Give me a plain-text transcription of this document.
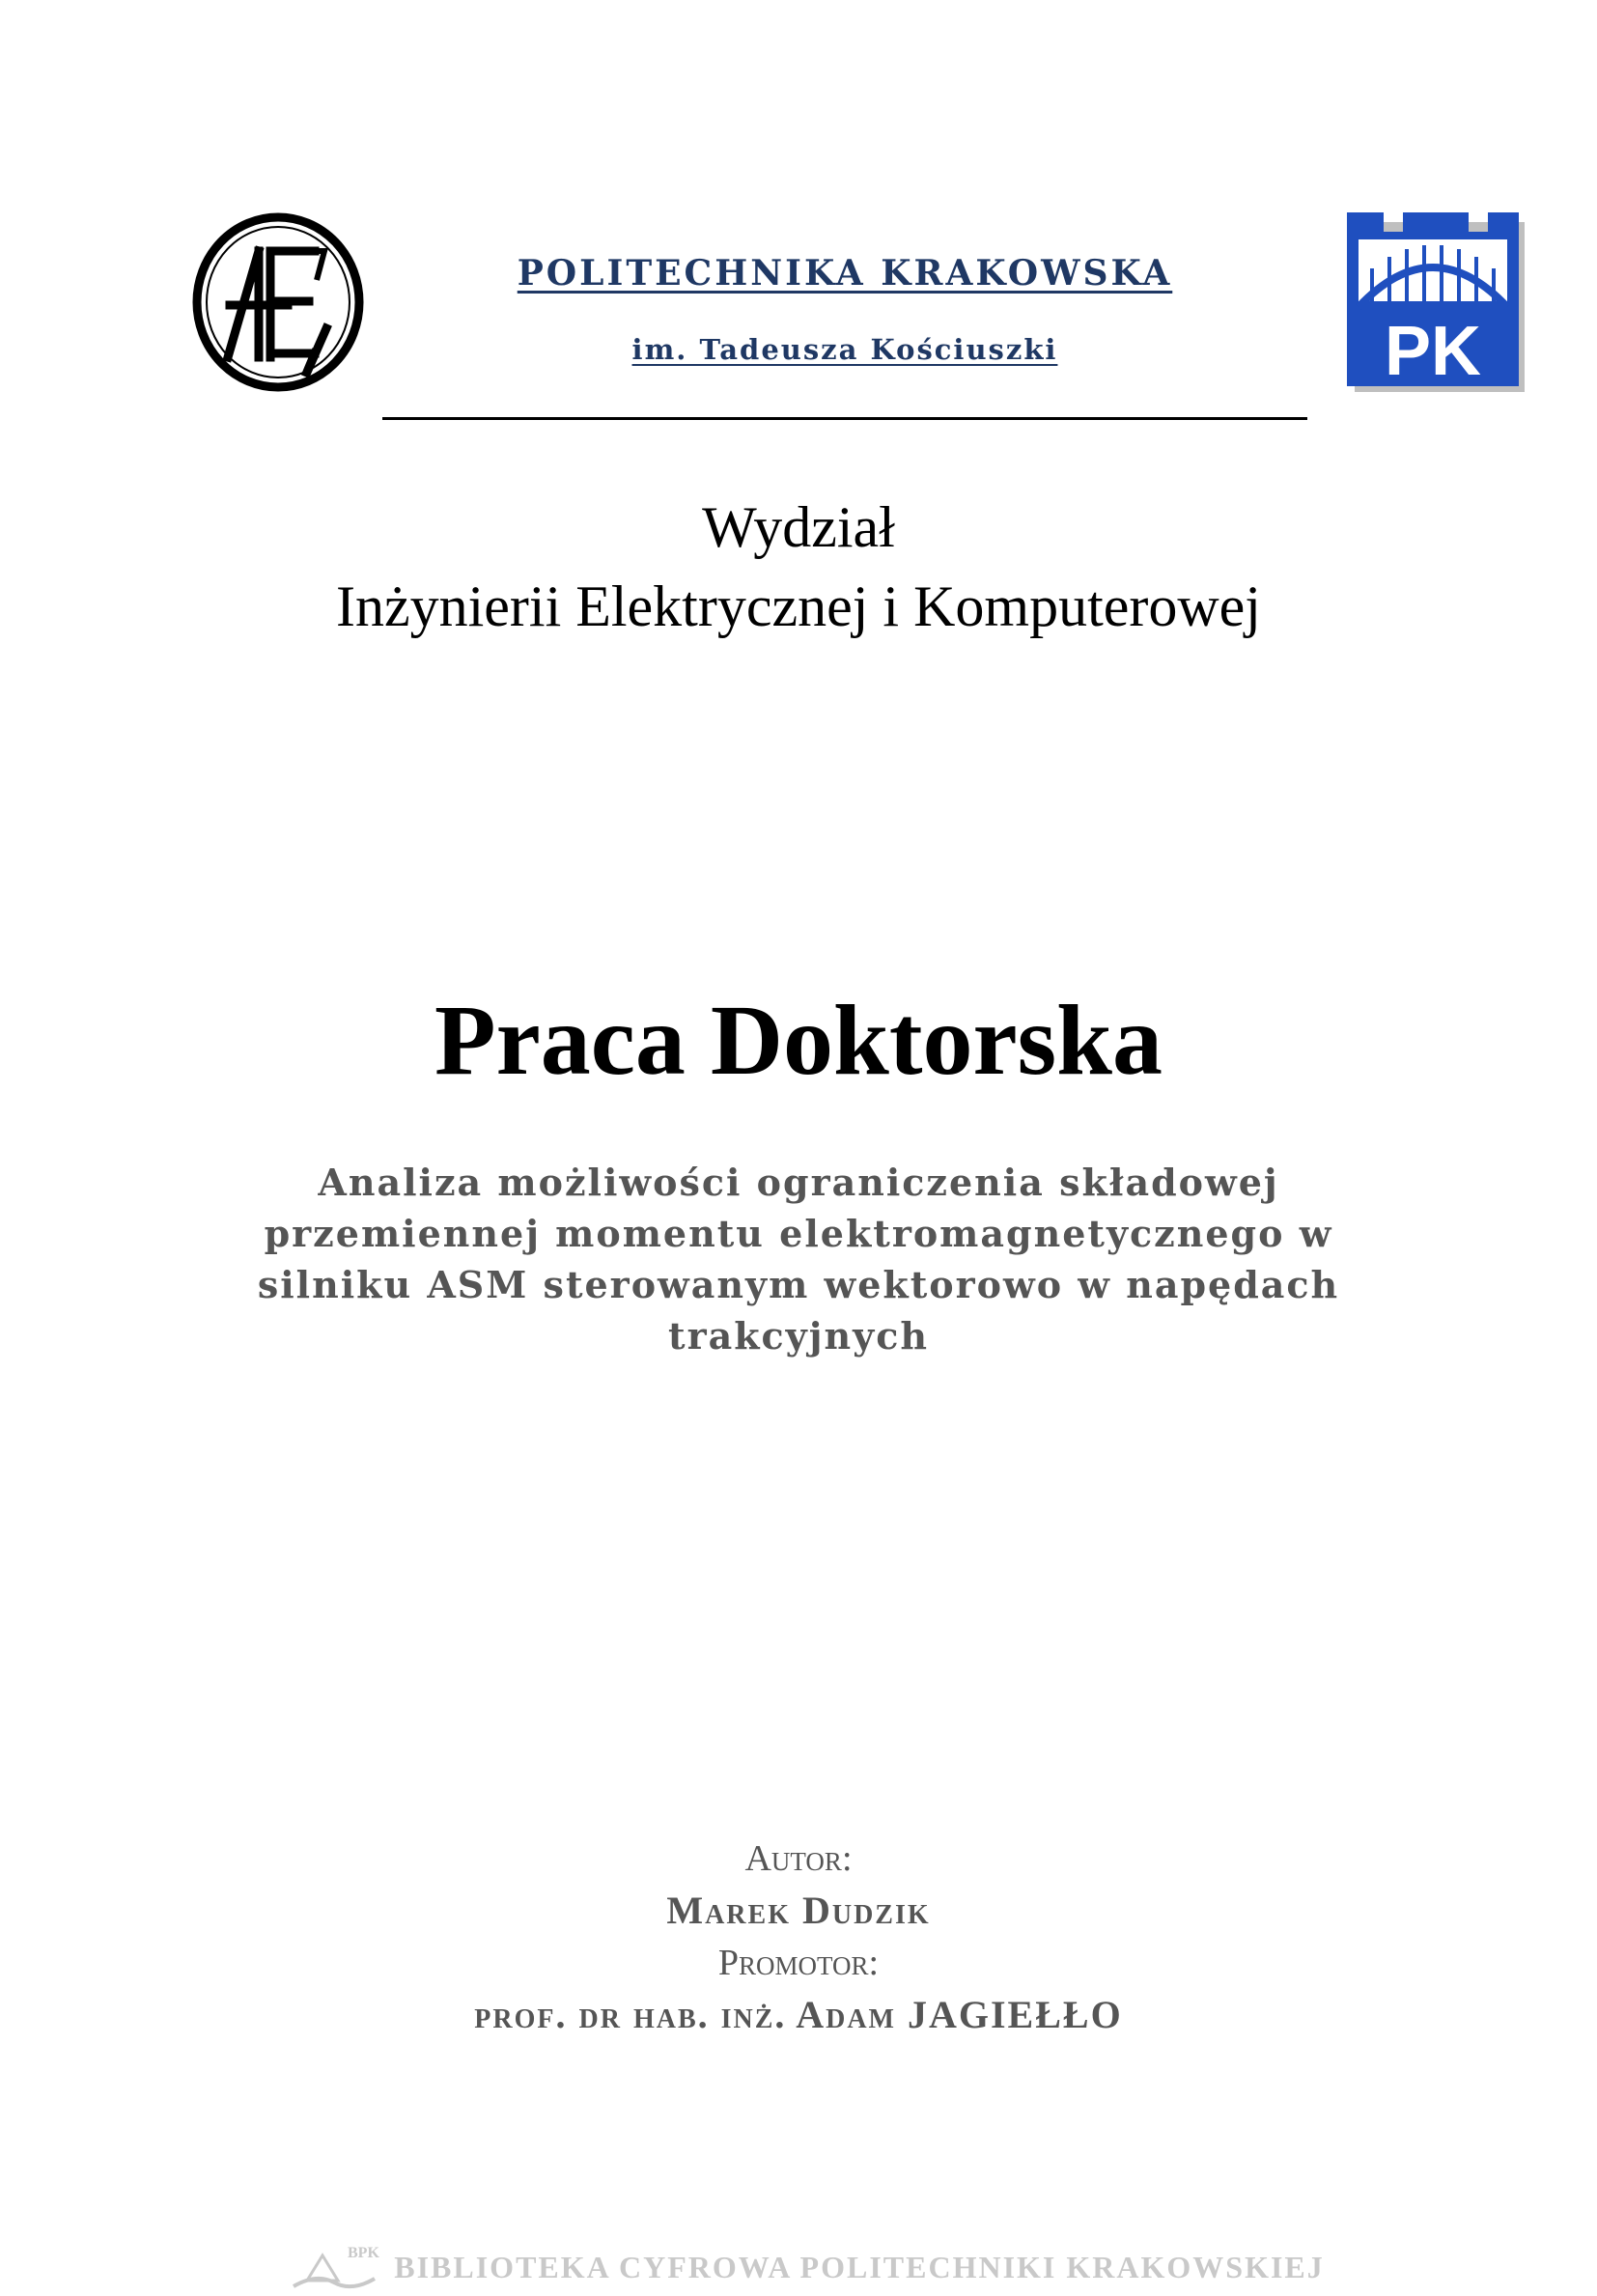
POLITECHNIKA KRAKOWSKA
im. Tadeusza Kościuszki	PK
Wydział
Inżynierii Elektrycznej i Komputerowej
Praca Doktorska
Analiza możliwości ograniczenia składowej
przemiennej momentu elektromagnetycznego w
silniku ASM sterowanym wektorowo w napędach
trakcyjnych
Autor:
Marek Dudzik
Promotor:
prof. dr hab. inż. Adam JAGIEŁŁO
BPK BIBLIOTEKA CYFROWA POLITECHNIKI KRAKOWSKIEJ
